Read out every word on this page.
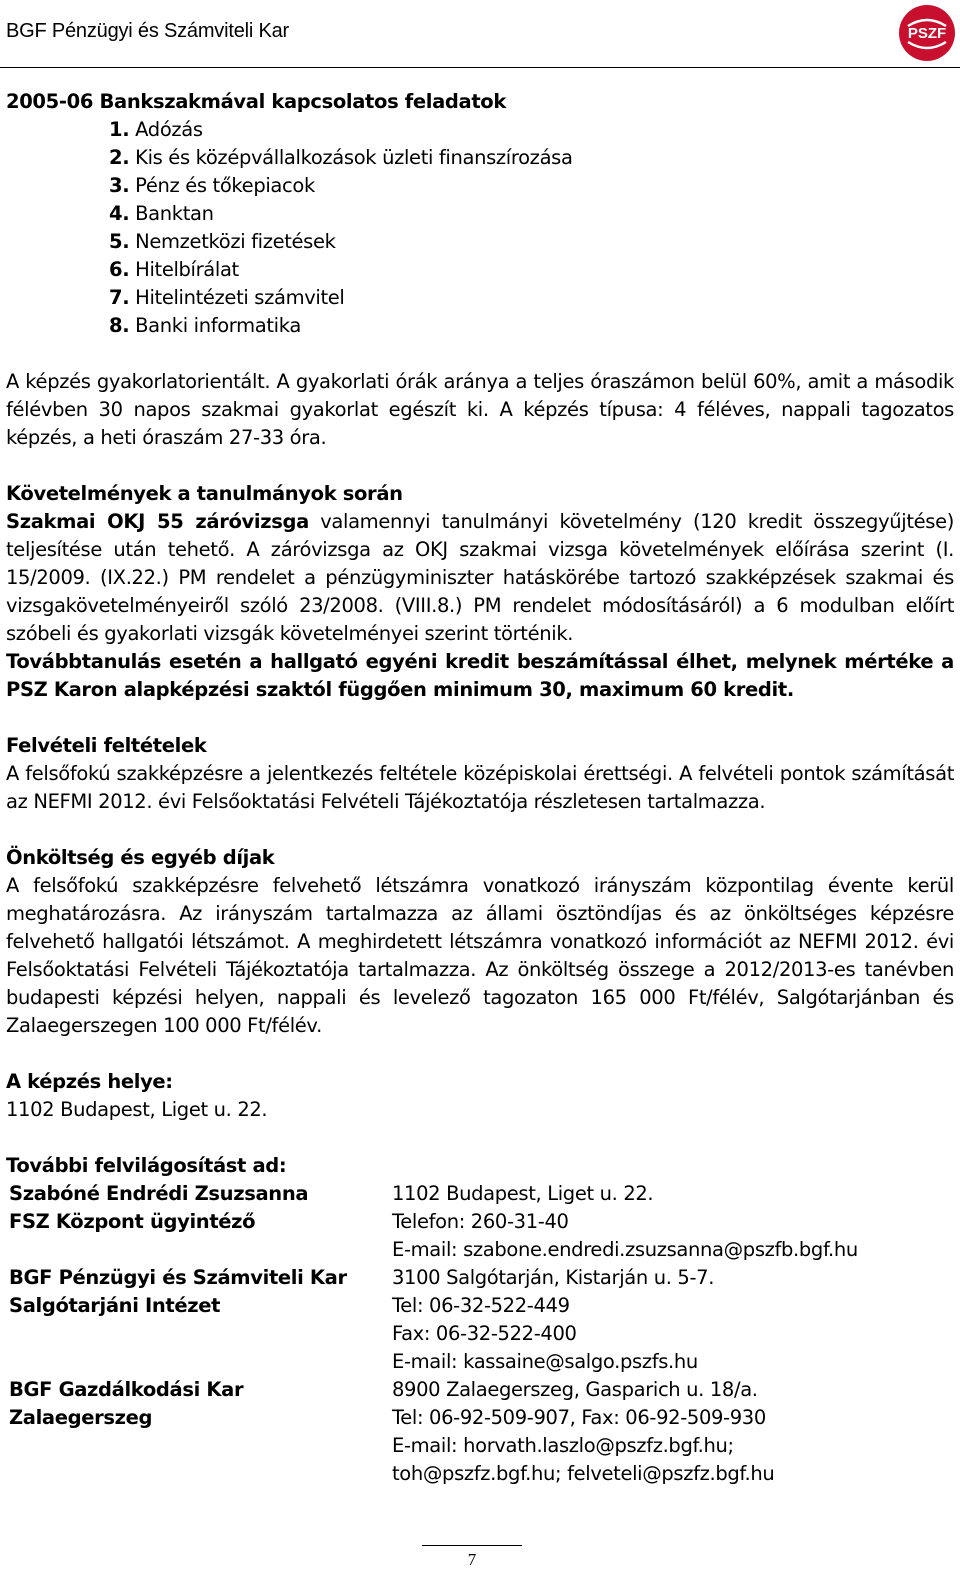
BGF Pénzügyi és Számviteli Kar	PSZF
2005-06 Bankszakmával kapcsolatos feladatok
1. Adózás
2. Kis és középvállalkozások üzleti finanszírozása
3. Pénz és tőkepiacok
4. Banktan
5. Nemzetközi fizetések
6. Hitelbírálat
7. Hitelintézeti számvitel
8. Banki informatika

A képzés gyakorlatorientált. A gyakorlati órák aránya a teljes óraszámon belül 60%, amit a második félévben 30 napos szakmai gyakorlat egészít ki. A képzés típusa: 4 féléves, nappali tagozatos képzés, a heti óraszám 27-33 óra.

Követelmények a tanulmányok során

Szakmai OKJ 55 záróvizsga valamennyi tanulmányi követelmény (120 kredit összegyűjtése) teljesítése után tehető. A záróvizsga az OKJ szakmai vizsga követelmények előírása szerint (I. 15/2009. (IX.22.) PM rendelet a pénzügyminiszter hatáskörébe tartozó szakképzések szakmai és vizsgakövetelményeiről szóló 23/2008. (VIII.8.) PM rendelet módosításáról) a 6 modulban előírt szóbeli és gyakorlati vizsgák követelményei szerint történik.

Továbbtanulás esetén a hallgató egyéni kredit beszámítással élhet, melynek mértéke a PSZ Karon alapképzési szaktól függően minimum 30, maximum 60 kredit.

Felvételi feltételek

A felsőfokú szakképzésre a jelentkezés feltétele középiskolai érettségi. A felvételi pontok számítását az NEFMI 2012. évi Felsőoktatási Felvételi Tájékoztatója részletesen tartalmazza.

Önköltség és egyéb díjak

A felsőfokú szakképzésre felvehető létszámra vonatkozó irányszám központilag évente kerül meghatározásra. Az irányszám tartalmazza az állami ösztöndíjas és az önköltséges képzésre felvehető hallgatói létszámot. A meghirdetett létszámra vonatkozó információt az NEFMI 2012. évi Felsőoktatási Felvételi Tájékoztatója tartalmazza. Az önköltség összege a 2012/2013-es tanévben budapesti képzési helyen, nappali és levelező tagozaton 165 000 Ft/félév, Salgótarjánban és Zalaegerszegen 100 000 Ft/félév.

A képzés helye:
1102 Budapest, Liget u. 22.
További felvilágosítást ad:
Szabóné Endrédi Zsuzsanna	1102 Budapest, Liget u. 22.
FSZ Központ ügyintéző	Telefon: 260-31-40
E-mail: szabone.endredi.zsuzsanna@pszfb.bgf.hu
BGF Pénzügyi és Számviteli Kar	3100 Salgótarján, Kistarján u. 5-7.
Salgótarjáni Intézet	Tel: 06-32-522-449
Fax: 06-32-522-400
E-mail: kassaine@salgo.pszfs.hu
BGF Gazdálkodási Kar	8900 Zalaegerszeg, Gasparich u. 18/a.
Zalaegerszeg	Tel: 06-92-509-907, Fax: 06-92-509-930
E-mail: horvath.laszlo@pszfz.bgf.hu;
toh@pszfz.bgf.hu; felveteli@pszfz.bgf.hu
7
